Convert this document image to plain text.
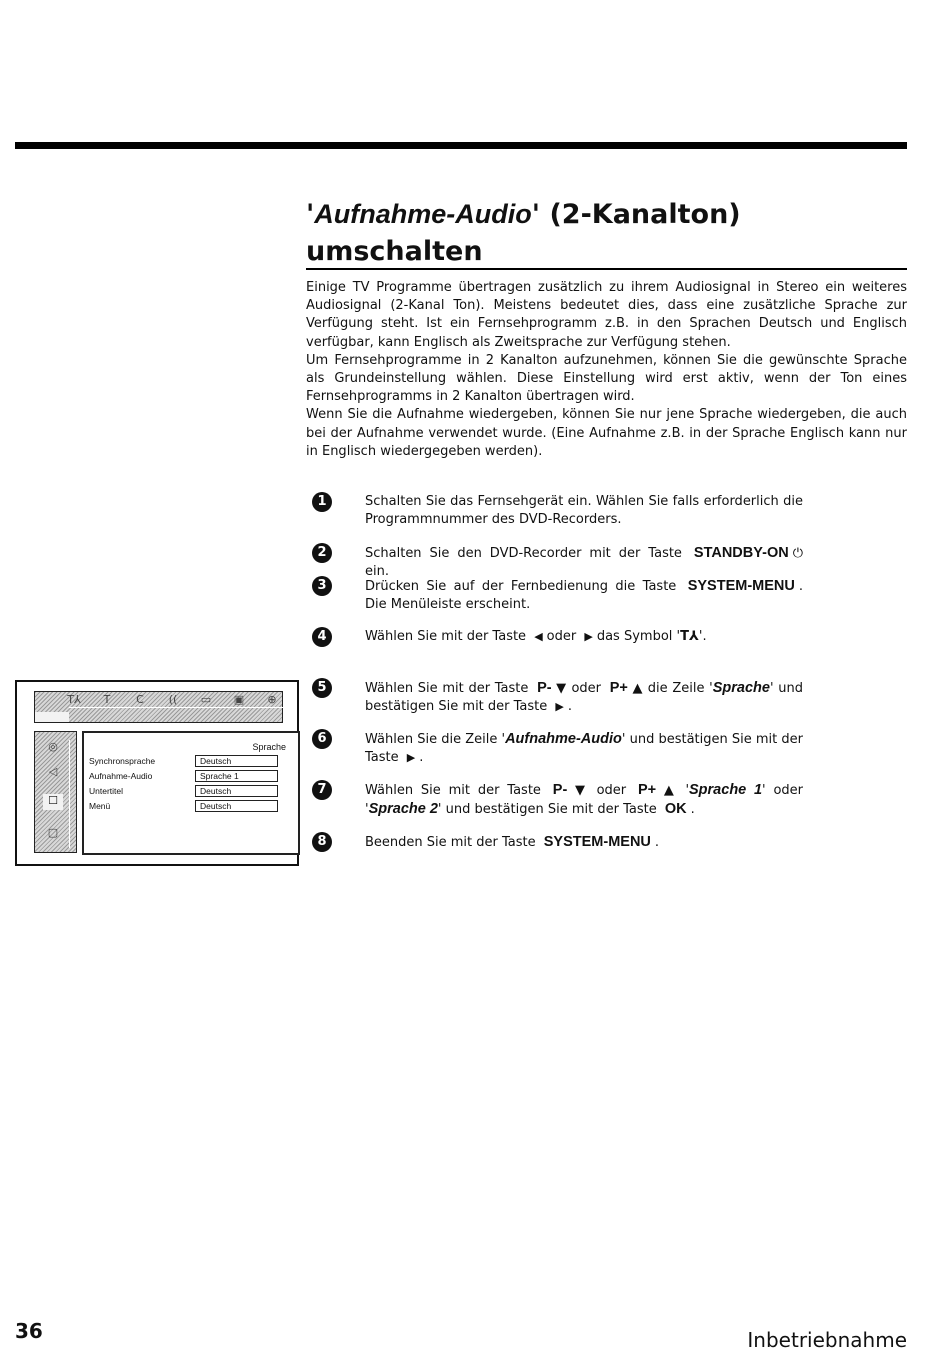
'Aufnahme-Audio' (2-Kanalton)
umschalten

Einige TV Programme übertragen zusätzlich zu ihrem Audiosignal in Stereo ein weiteres Audiosignal (2-Kanal Ton). Meistens bedeutet dies, dass eine zusätzliche Sprache zur Verfügung steht. Ist ein Fernsehprogramm z.B. in den Sprachen Deutsch und Englisch verfügbar, kann Englisch als Zweitsprache zur Verfügung stehen.

Um Fernsehprogramme in 2 Kanalton aufzunehmen, können Sie die gewünschte Sprache als Grundeinstellung wählen. Diese Einstellung wird erst aktiv, wenn der Ton eines Fernsehprogramms in 2 Kanalton übertragen wird.

Wenn Sie die Aufnahme wiedergeben, können Sie nur jene Sprache wiedergeben, die auch bei der Aufnahme verwendet wurde. (Eine Aufnahme z.B. in der Sprache Englisch kann nur in Englisch wiedergegeben werden).

1	Schalten Sie das Fernsehgerät ein. Wählen Sie falls erforderlich die Programmnummer des DVD-Recorders.
2	Schalten Sie den DVD-Recorder mit der Taste STANDBY-ON ⏻ ein.
3	Drücken Sie auf der Fernbedienung die Taste SYSTEM-MENU . Die Menüleiste erscheint.
4	Wählen Sie mit der Taste ◀ oder ▶ das Symbol 'T⅄'.
5	Wählen Sie mit der Taste P- ▼ oder P+ ▲ die Zeile 'Sprache' und bestätigen Sie mit der Taste ▶ .
6	Wählen Sie die Zeile 'Aufnahme-Audio' und bestätigen Sie mit der Taste ▶ .
7	Wählen Sie mit der Taste P- ▼ oder P+ ▲ 'Sprache 1' oder 'Sprache 2' und bestätigen Sie mit der Taste OK .
8	Beenden Sie mit der Taste SYSTEM-MENU .
T⅄	T	C	((	▭	▣	⊕
◎
◁
☐
▢
Sprache
Synchronsprache	Deutsch
Aufnahme-Audio	Sprache 1
Untertitel	Deutsch
Menü	Deutsch
36	Inbetriebnahme
